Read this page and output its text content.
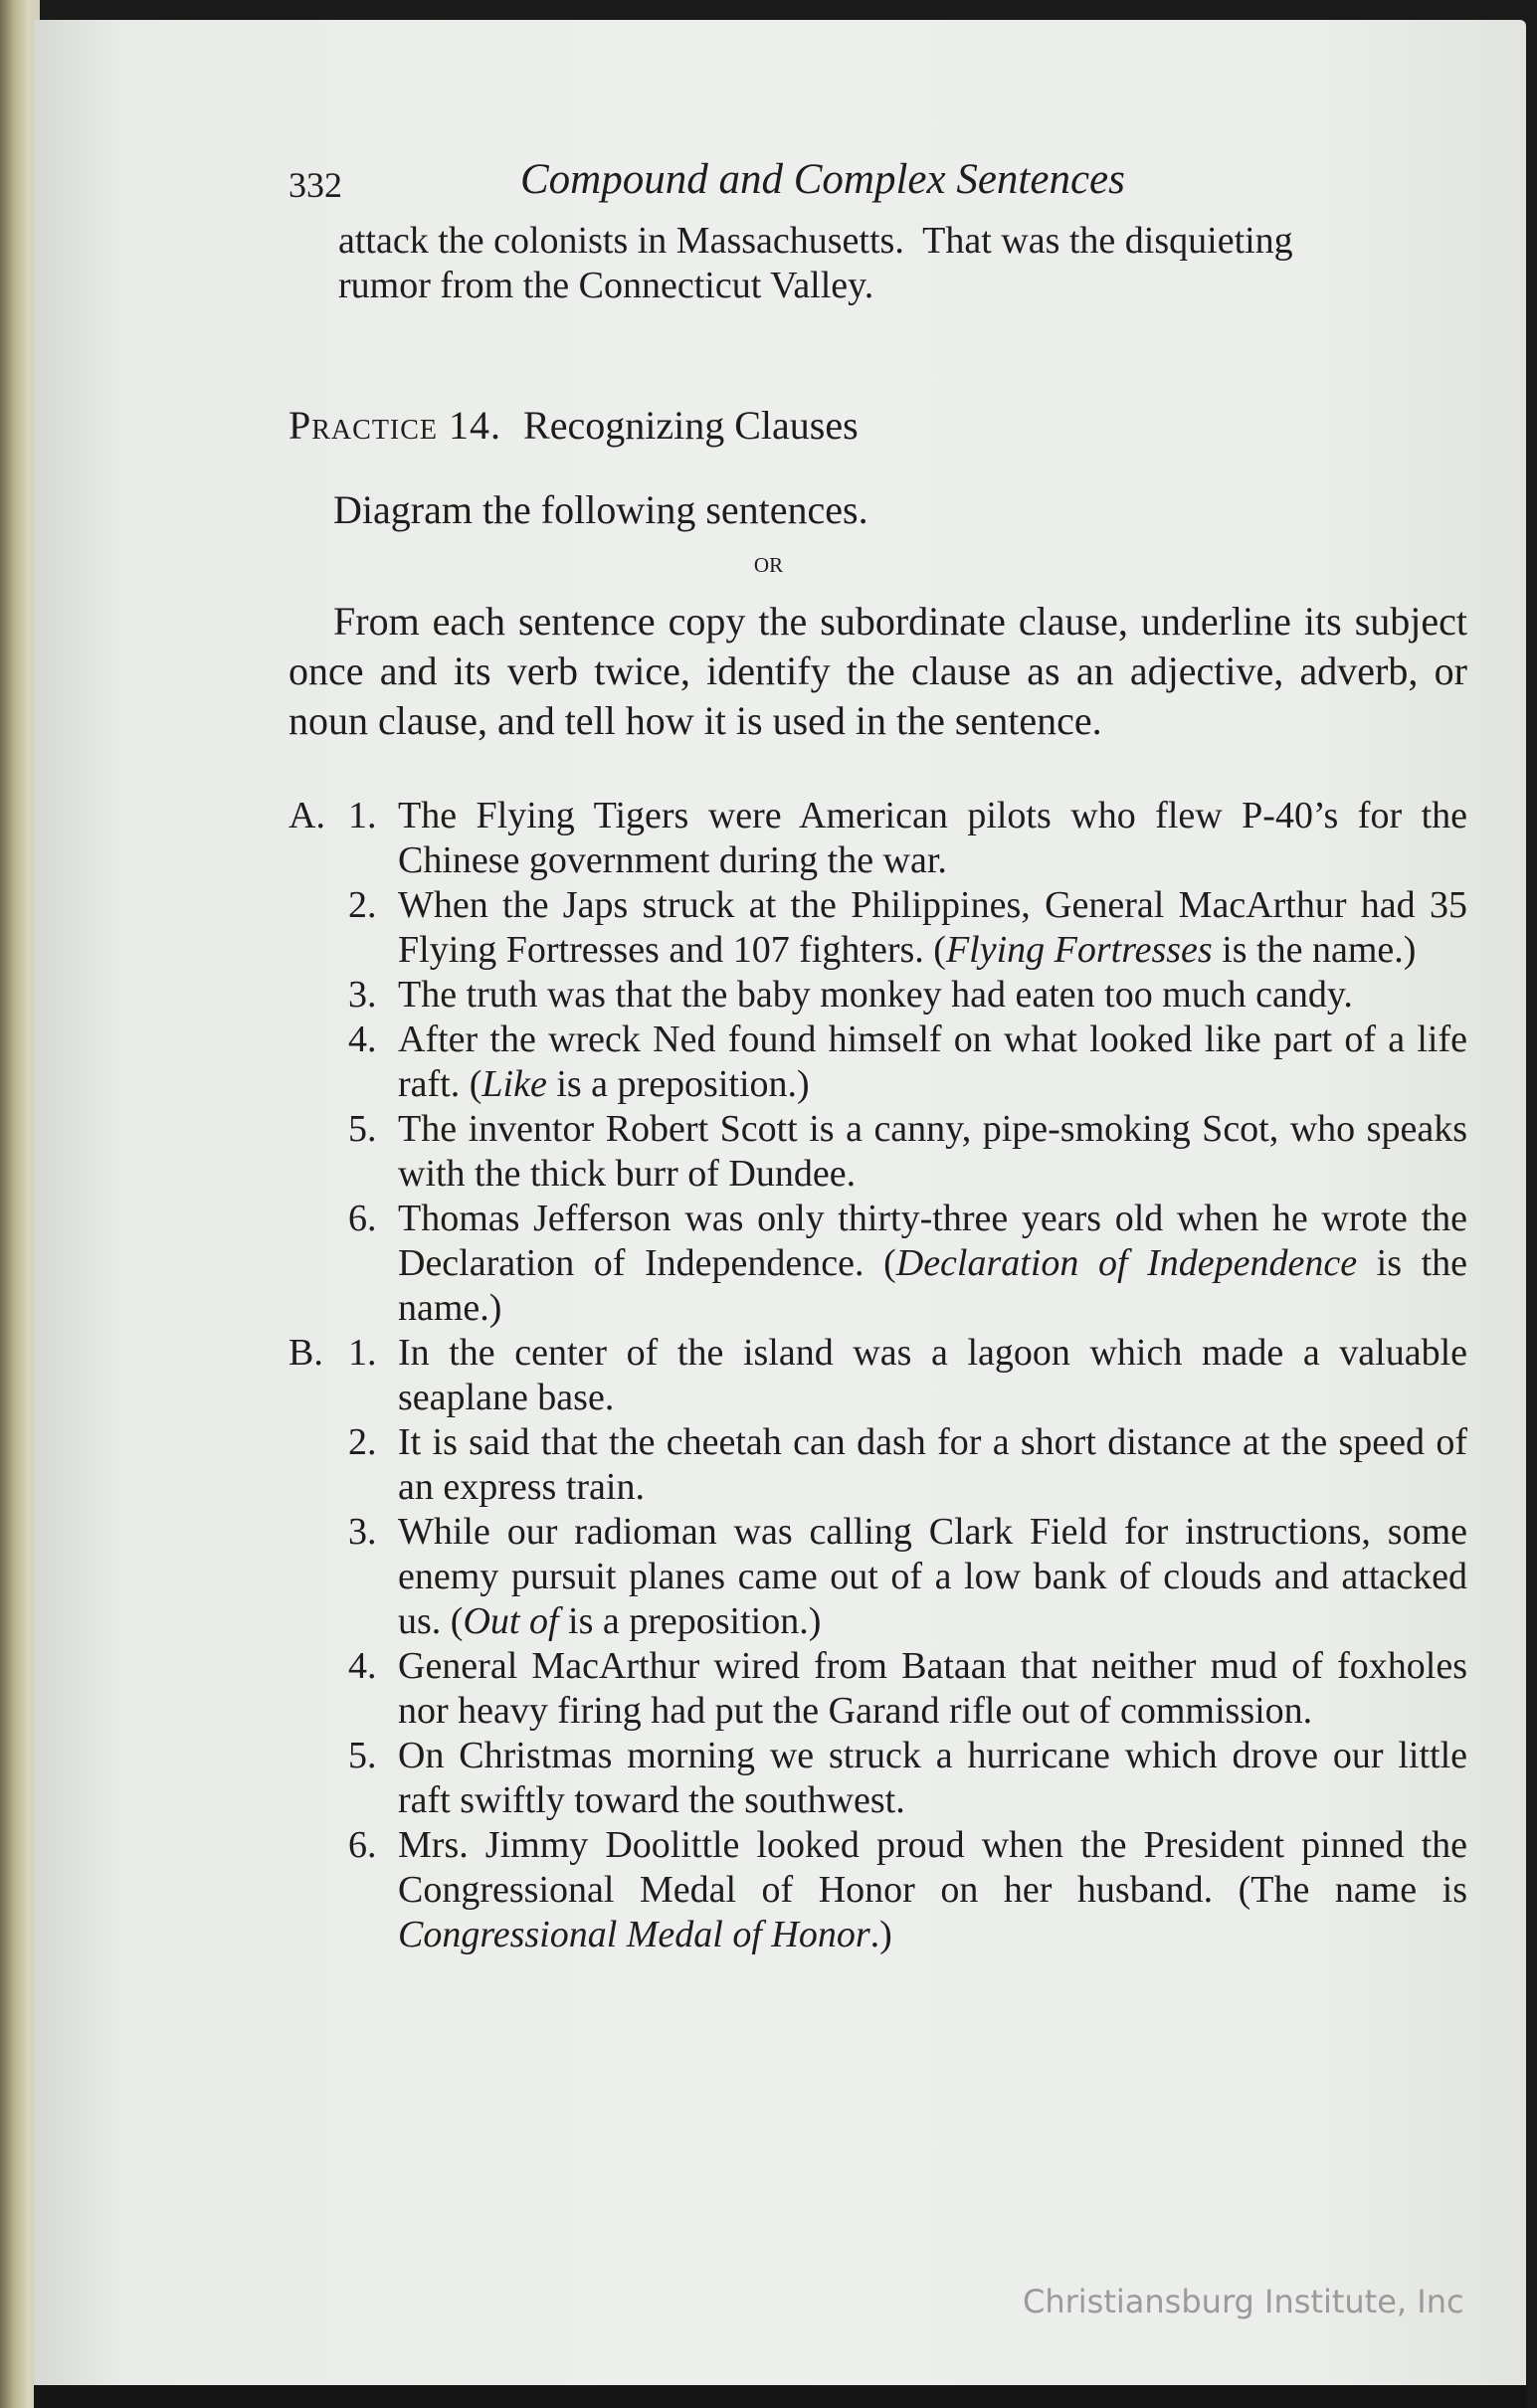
332	Compound and Complex Sentences

attack the colonists in Massachusetts.  That was the disquieting

rumor from the Connecticut Valley.

Practice 14. Recognizing Clauses

Diagram the following sentences.

or

From each sentence copy the subordinate clause, underline its subject once and its verb twice, identify the clause as an adjective, adverb, or noun clause, and tell how it is used in the sentence.

A. 1. The Flying Tigers were American pilots who flew P-40’s for the Chinese government during the war.
2. When the Japs struck at the Philippines, General MacArthur had 35 Flying Fortresses and 107 fighters. (Flying Fortresses is the name.)
3. The truth was that the baby monkey had eaten too much candy.
4. After the wreck Ned found himself on what looked like part of a life raft. (Like is a preposition.)
5. The inventor Robert Scott is a canny, pipe-smoking Scot, who speaks with the thick burr of Dundee.
6. Thomas Jefferson was only thirty-three years old when he wrote the Declaration of Independence. (Declaration of Independence is the name.)
B. 1. In the center of the island was a lagoon which made a valuable seaplane base.
2. It is said that the cheetah can dash for a short distance at the speed of an express train.
3. While our radioman was calling Clark Field for instructions, some enemy pursuit planes came out of a low bank of clouds and attacked us. (Out of is a preposition.)
4. General MacArthur wired from Bataan that neither mud of foxholes nor heavy firing had put the Garand rifle out of commission.
5. On Christmas morning we struck a hurricane which drove our little raft swiftly toward the southwest.
6. Mrs. Jimmy Doolittle looked proud when the President pinned the Congressional Medal of Honor on her husband. (The name is Congressional Medal of Honor.)
Christiansburg Institute, Inc
